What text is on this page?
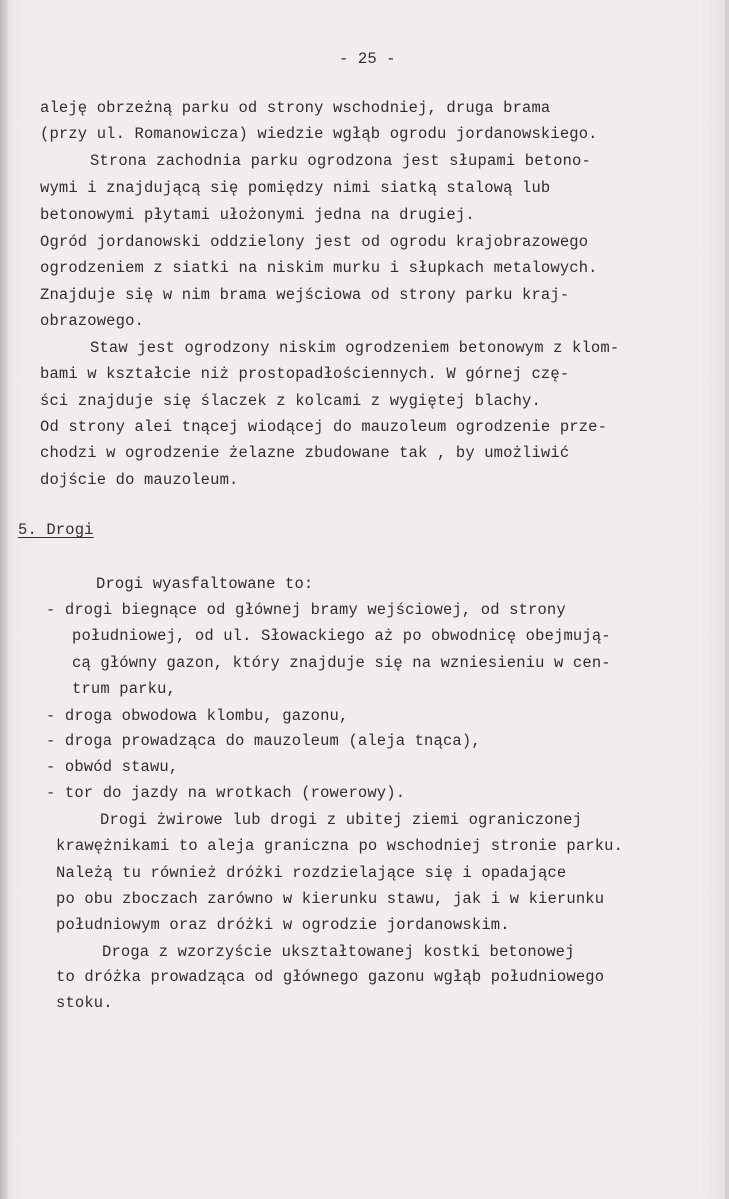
- 25 -
aleję obrzeżną parku od strony wschodniej, druga brama
(przy ul. Romanowicza) wiedzie wgłąb ogrodu jordanowskiego.
Strona zachodnia parku ogrodzona jest słupami betono-
wymi i znajdującą się pomiędzy nimi siatką stalową lub
betonowymi płytami ułożonymi jedna na drugiej.
Ogród jordanowski oddzielony jest od ogrodu krajobrazowego
ogrodzeniem z siatki na niskim murku i słupkach metalowych.
Znajduje się w nim brama wejściowa od strony parku kraj-
obrazowego.
Staw jest ogrodzony niskim ogrodzeniem betonowym z klom-
bami w kształcie niż prostopadłościennych. W górnej czę-
ści znajduje się ślaczek z kolcami z wygiętej blachy.
Od strony alei tnącej wiodącej do mauzoleum ogrodzenie prze-
chodzi w ogrodzenie żelazne zbudowane tak , by umożliwić
dojście do mauzoleum.
5. Drogi
Drogi wyasfaltowane to:
- drogi biegnące od głównej bramy wejściowej, od strony
południowej, od ul. Słowackiego aż po obwodnicę obejmują-
cą główny gazon, który znajduje się na wzniesieniu w cen-
trum parku,
- droga obwodowa klombu, gazonu,
- droga prowadząca do mauzoleum (aleja tnąca),
- obwód stawu,
- tor do jazdy na wrotkach (rowerowy).
Drogi żwirowe lub drogi z ubitej ziemi ograniczonej
krawężnikami to aleja graniczna po wschodniej stronie parku.
Należą tu również dróżki rozdzielające się i opadające
po obu zboczach zarówno w kierunku stawu, jak i w kierunku
południowym oraz dróżki w ogrodzie jordanowskim.
Droga z wzorzyście ukształtowanej kostki betonowej
to dróżka prowadząca od głównego gazonu wgłąb południowego
stoku.
